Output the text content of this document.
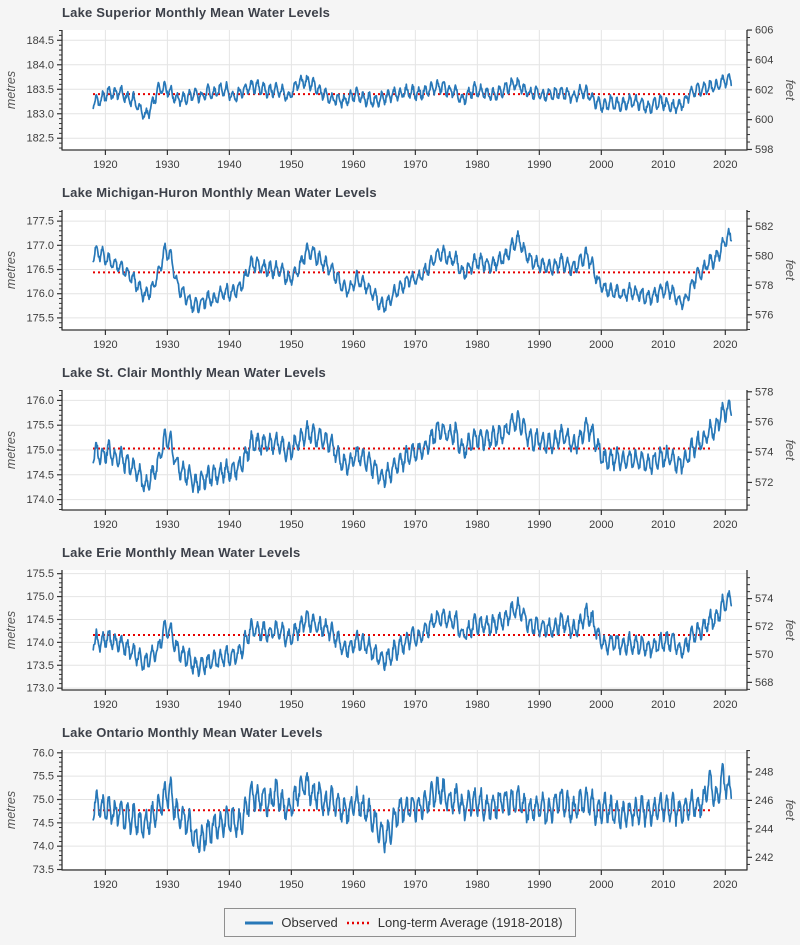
Lake Superior Monthly Mean Water Levels
1920	1930	1940	1950	1960	1970	1980	1990	2000	2010	2020
182.5
183.0
183.5
184.0
184.5
598
600
602
604
606
metres	feet
Lake Michigan-Huron Monthly Mean Water Levels
1920	1930	1940	1950	1960	1970	1980	1990	2000	2010	2020
175.5
176.0
176.5
177.0
177.5
576
578
580
582
metres	feet
Lake St. Clair Monthly Mean Water Levels
1920	1930	1940	1950	1960	1970	1980	1990	2000	2010	2020
174.0
174.5
175.0
175.5
176.0
572
574
576
578
metres	feet
Lake Erie Monthly Mean Water Levels
1920	1930	1940	1950	1960	1970	1980	1990	2000	2010	2020
173.0
173.5
174.0
174.5
175.0
175.5
568
570
572
574
metres	feet
Lake Ontario Monthly Mean Water Levels
1920	1930	1940	1950	1960	1970	1980	1990	2000	2010	2020
73.5
74.0
74.5
75.0
75.5
76.0
242
244
246
248
metres	feet
Observed	Long-term Average (1918-2018)
